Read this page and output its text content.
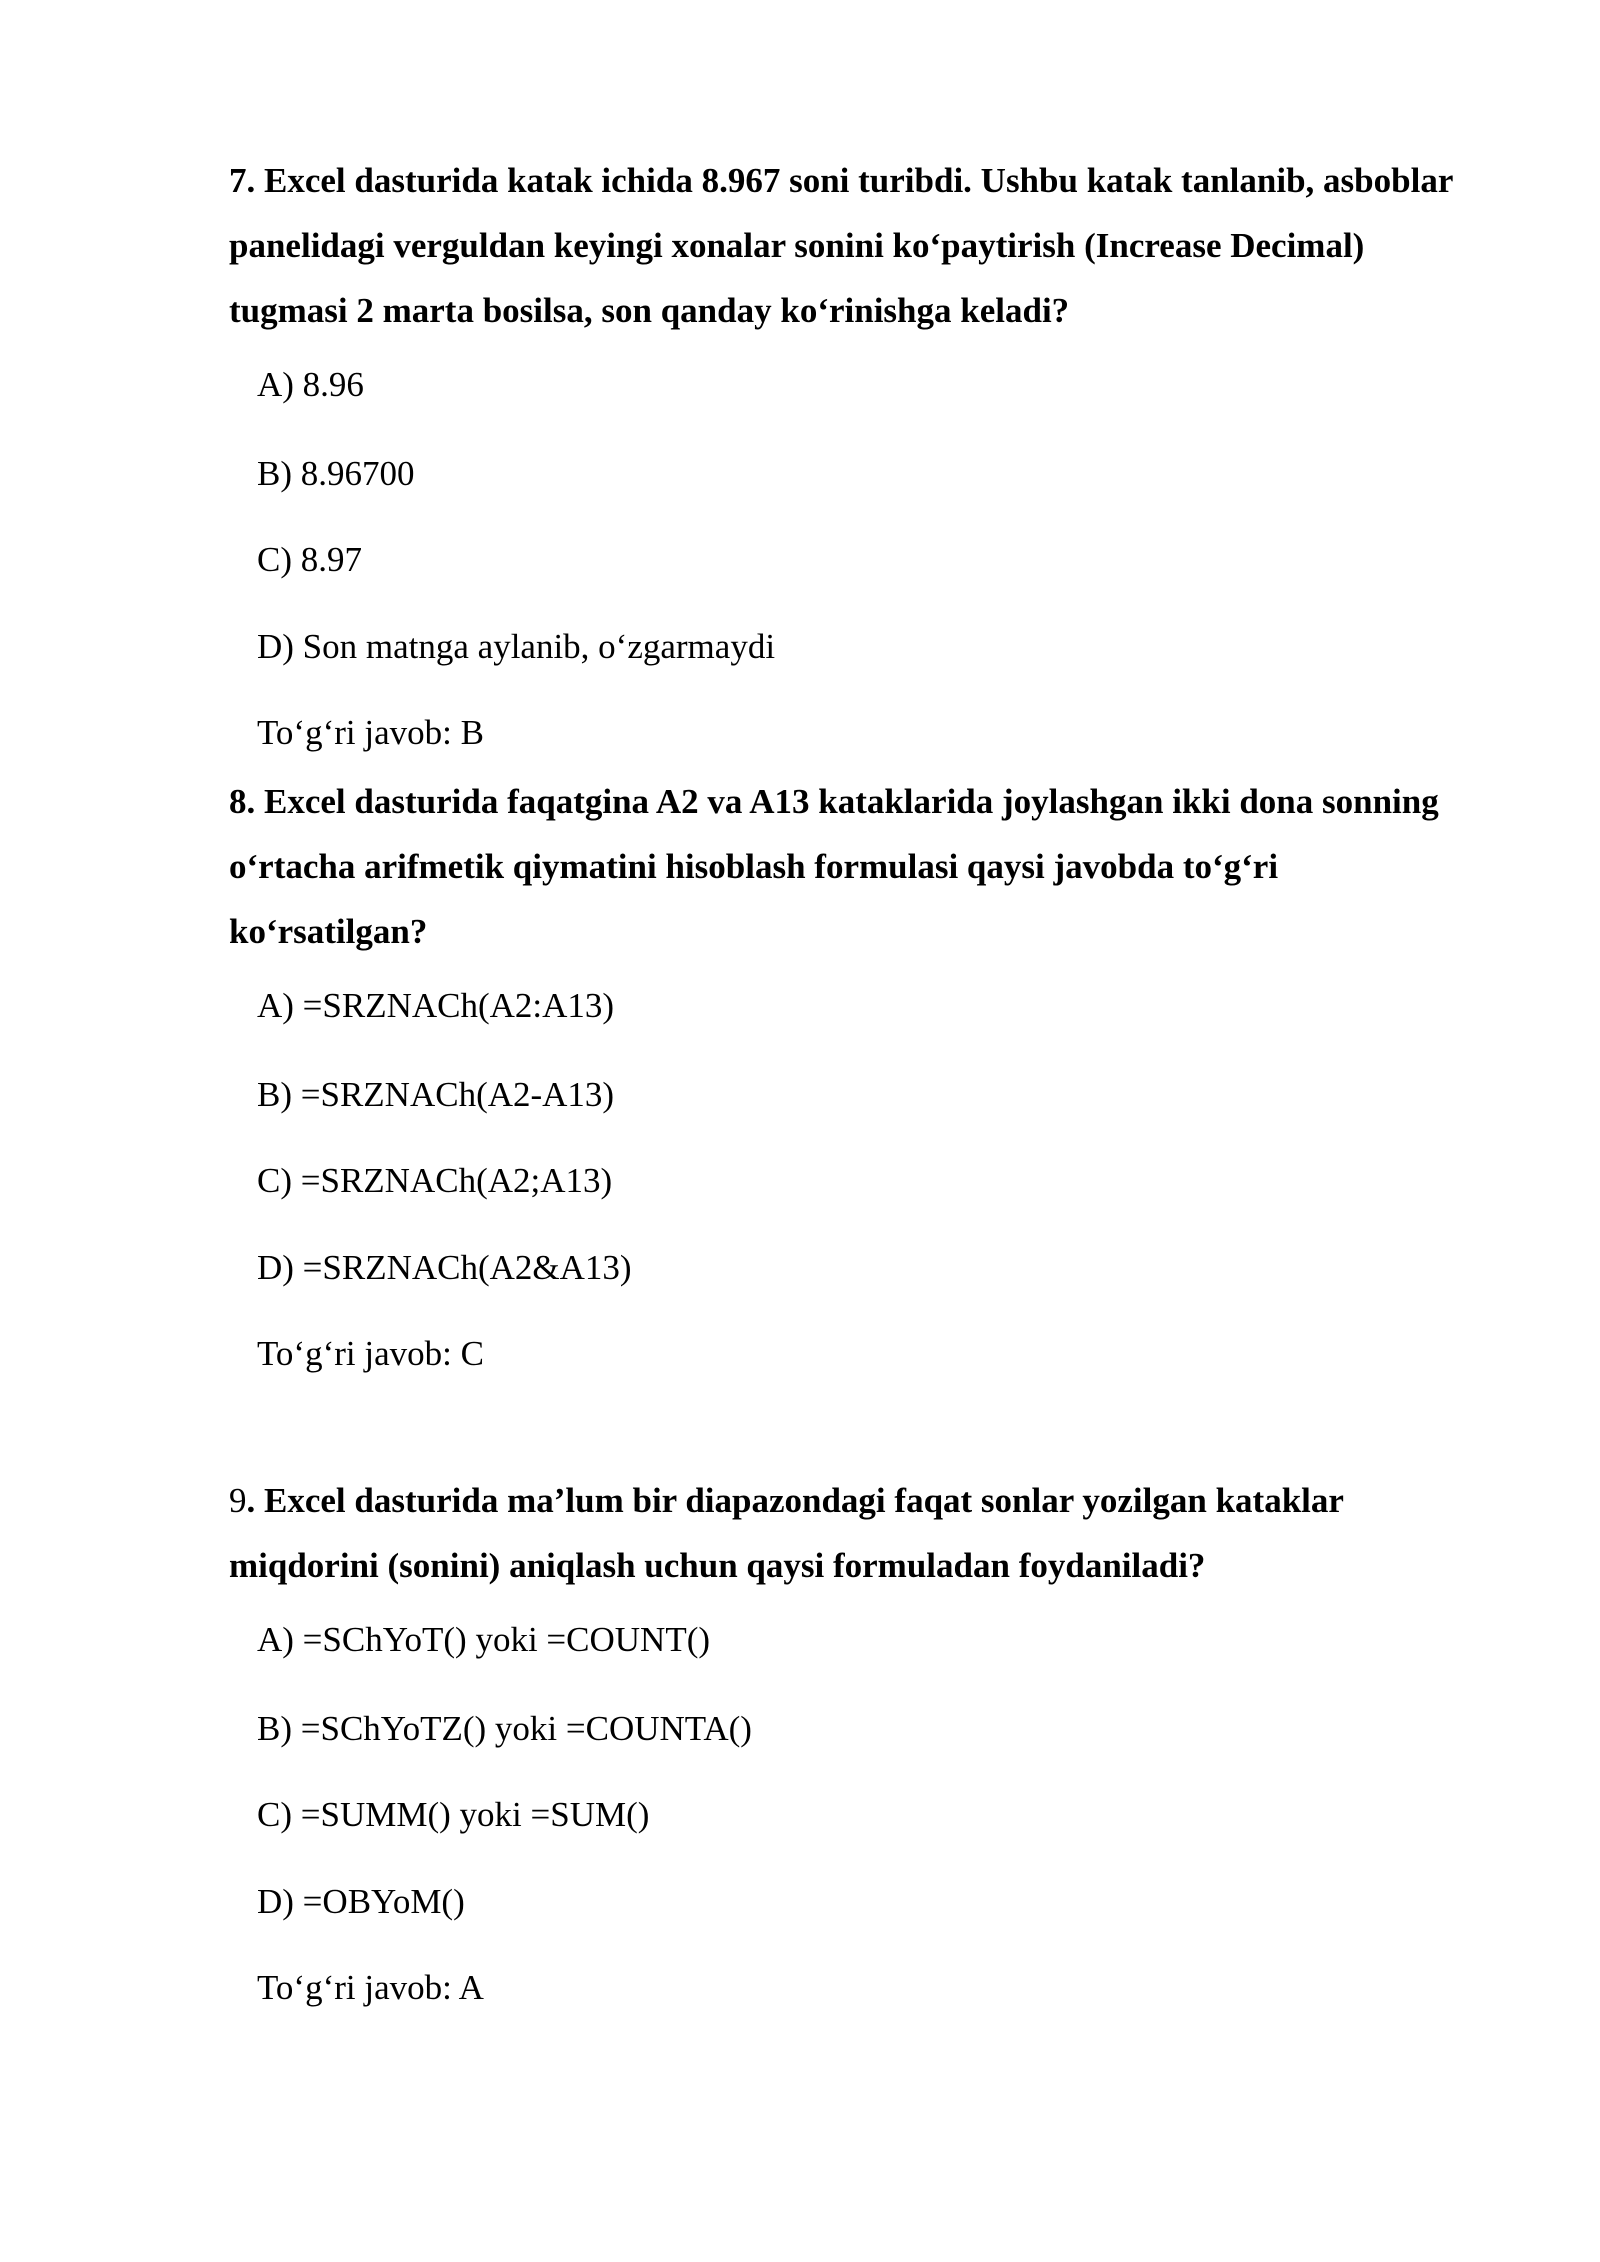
7. Excel dasturida katak ichida 8.967 soni turibdi. Ushbu katak tanlanib, asboblar panelidagi verguldan keyingi xonalar sonini koʻpaytirish (Increase Decimal) tugmasi 2 marta bosilsa, son qanday koʻrinishga keladi?

A) 8.96

B) 8.96700

C) 8.97

D) Son matnga aylanib, oʻzgarmaydi

Toʻgʻri javob: B

8. Excel dasturida faqatgina A2 va A13 kataklarida joylashgan ikki dona sonning oʻrtacha arifmetik qiymatini hisoblash formulasi qaysi javobda toʻgʻri koʻrsatilgan?

A) =SRZNACh(A2:A13)

B) =SRZNACh(A2-A13)

C) =SRZNACh(A2;A13)

D) =SRZNACh(A2&A13)

Toʻgʻri javob: C

9. Excel dasturida ma’lum bir diapazondagi faqat sonlar yozilgan kataklar miqdorini (sonini) aniqlash uchun qaysi formuladan foydaniladi?

A) =SChYoT() yoki =COUNT()

B) =SChYoTZ() yoki =COUNTA()

C) =SUMM() yoki =SUM()

D) =OBYoM()

Toʻgʻri javob: A
